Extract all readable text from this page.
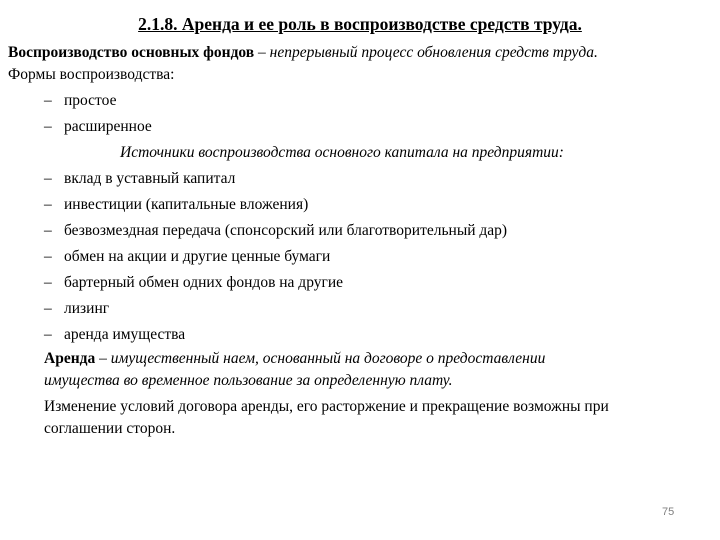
2.1.8. Аренда и ее роль в воспроизводстве средств труда.
Воспроизводство основных фондов – непрерывный процесс обновления средств труда.
Формы воспроизводства:
– простое
– расширенное
Источники воспроизводства основного капитала на предприятии:
– вклад в уставный капитал
– инвестиции (капитальные вложения)
– безвозмездная передача (спонсорский или благотворительный дар)
– обмен на акции и другие ценные бумаги
– бартерный обмен одних фондов на другие
– лизинг
– аренда имущества
Аренда – имущественный наем, основанный на договоре о предоставлении
имущества во временное пользование за определенную плату.
Изменение условий договора аренды, его расторжение и прекращение возможны при
соглашении сторон.
75
